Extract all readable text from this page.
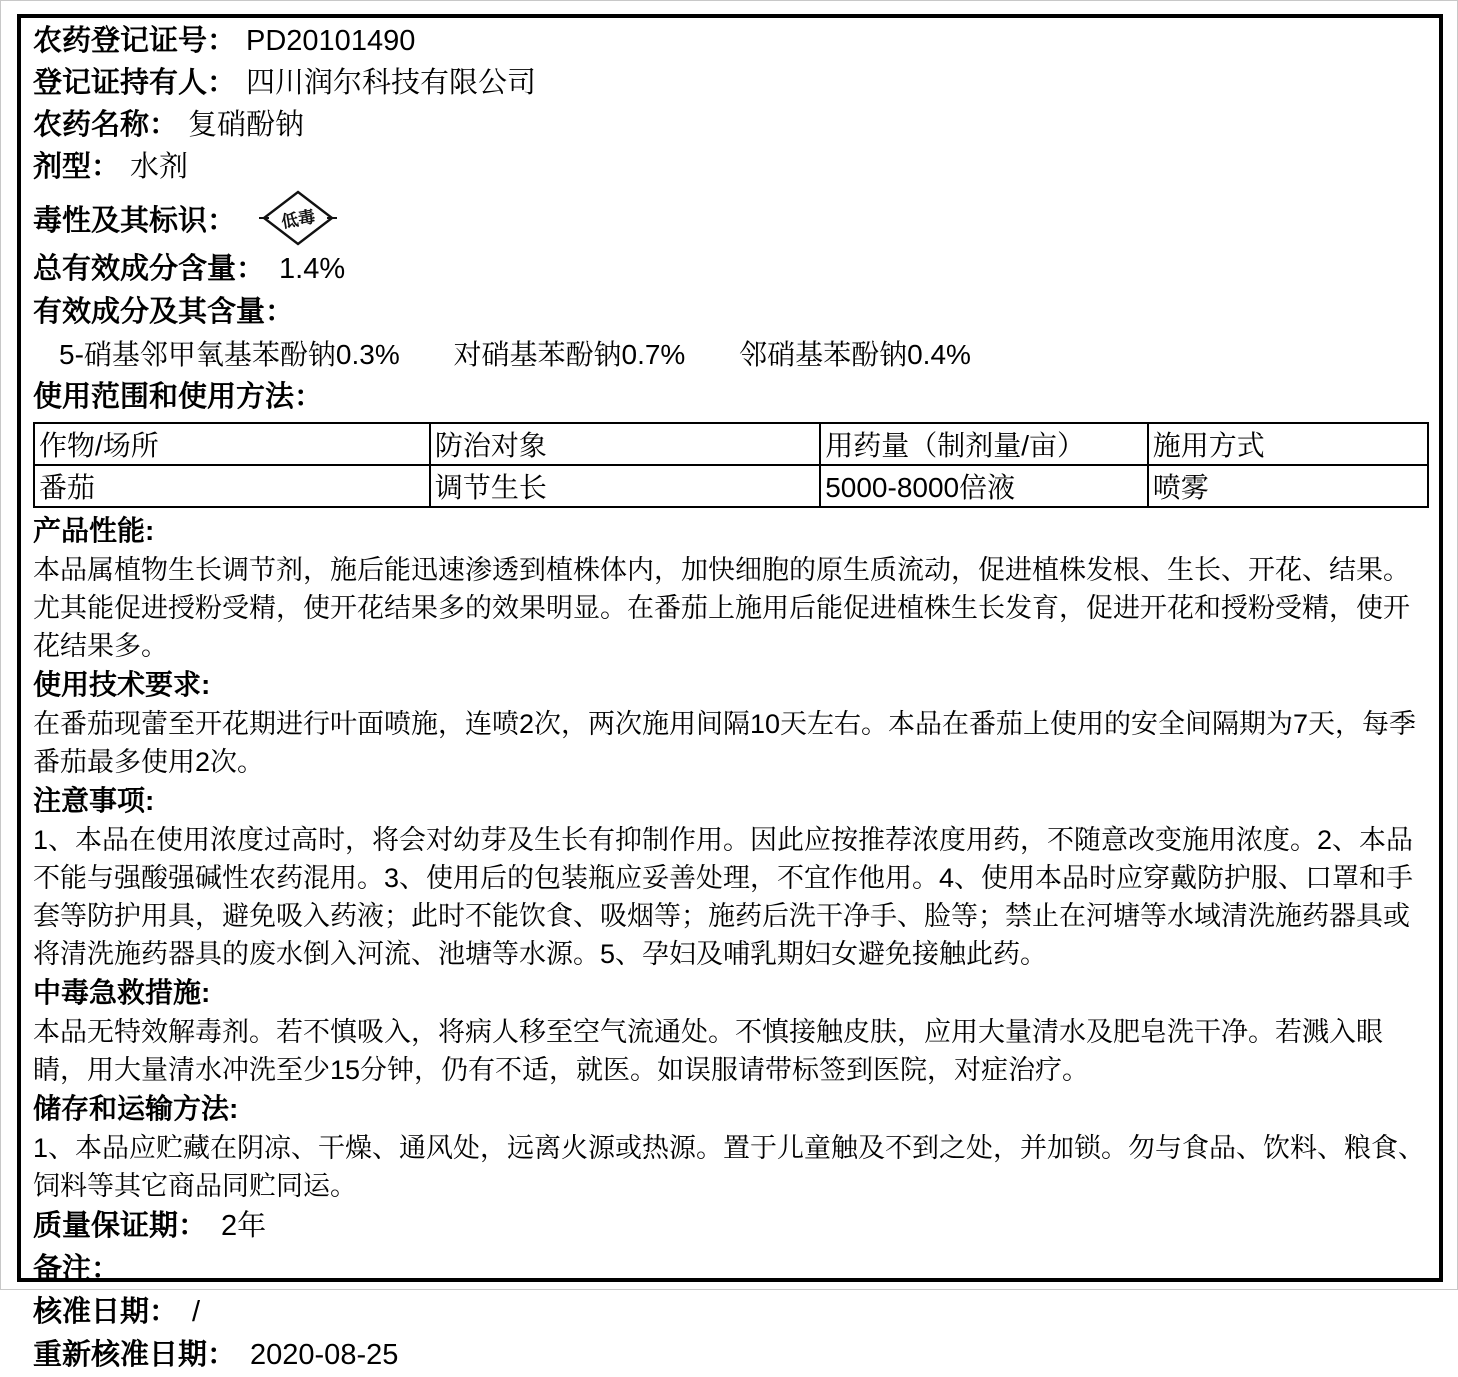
农药登记证号： PD20101490
登记证持有人： 四川润尔科技有限公司
农药名称： 复硝酚钠
剂型： 水剂
毒性及其标识：	低毒
总有效成分含量： 1.4%
有效成分及其含量：
5-硝基邻甲氧基苯酚钠0.3% 对硝基苯酚钠0.7% 邻硝基苯酚钠0.4%
使用范围和使用方法：
作物/场所	防治对象	用药量（制剂量/亩）	施用方式
番茄	调节生长	5000-8000倍液	喷雾
产品性能:
本品属植物生长调节剂，施后能迅速渗透到植株体内，加快细胞的原生质流动，促进植株发根、生长、开花、结果。尤其能促进授粉受精，使开花结果多的效果明显。在番茄上施用后能促进植株生长发育，促进开花和授粉受精，使开花结果多。
使用技术要求:
在番茄现蕾至开花期进行叶面喷施，连喷2次，两次施用间隔10天左右。本品在番茄上使用的安全间隔期为7天，每季番茄最多使用2次。
注意事项:
1、本品在使用浓度过高时，将会对幼芽及生长有抑制作用。因此应按推荐浓度用药，不随意改变施用浓度。2、本品不能与强酸强碱性农药混用。3、使用后的包装瓶应妥善处理，不宜作他用。4、使用本品时应穿戴防护服、口罩和手套等防护用具，避免吸入药液；此时不能饮食、吸烟等；施药后洗干净手、脸等；禁止在河塘等水域清洗施药器具或将清洗施药器具的废水倒入河流、池塘等水源。5、孕妇及哺乳期妇女避免接触此药。
中毒急救措施:
本品无特效解毒剂。若不慎吸入，将病人移至空气流通处。不慎接触皮肤，应用大量清水及肥皂洗干净。若溅入眼睛，用大量清水冲洗至少15分钟，仍有不适，就医。如误服请带标签到医院，对症治疗。
储存和运输方法:
1、本品应贮藏在阴凉、干燥、通风处，远离火源或热源。置于儿童触及不到之处，并加锁。勿与食品、饮料、粮食、饲料等其它商品同贮同运。
质量保证期： 2年
备注：
核准日期： /
重新核准日期： 2020-08-25
